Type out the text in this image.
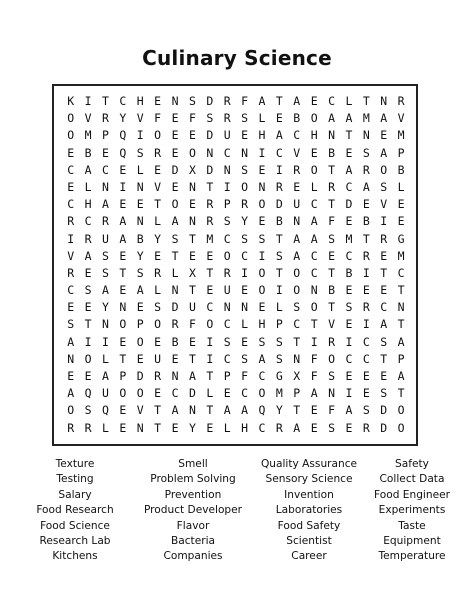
Culinary Science
K I T C H E N S D R F A T A E C L T N R
O V R Y V F E F S R S L E B O A A M A V
O M P Q I O E E D U E H A C H N T N E M
E B E Q S R E O N C N I C V E B E S A P
C A C E L E D X D N S E I R O T A R O B
E L N I N V E N T I O N R E L R C A S L
C H A E E T O E R P R O D U C T D E V E
R C R A N L A N R S Y E B N A F E B I E
I R U A B Y S T M C S S T A A S M T R G
V A S E Y E T E E O C I S A C E C R E M
R E S T S R L X T R I O T O C T B I T C
C S A E A L N T E U E O I O N B E E E T
E E Y N E S D U C N N E L S O T S R C N
S T N O P O R F O C L H P C T V E I A T
A I I E O E B E I S E S S T I R I C S A
N O L T E U E T I C S A S N F O C C T P
E E A P D R N A T P F C G X F S E E E A
A Q U O O E C D L E C O M P A N I E S T
O S Q E V T A N T A A Q Y T E F A S D O
R R L E N T E Y E L H C R A E S E R D O
Texture	Smell	Quality Assurance	Safety
Testing	Problem Solving	Sensory Science	Collect Data
Salary	Prevention	Invention	Food Engineer
Food Research	Product Developer	Laboratories	Experiments
Food Science	Flavor	Food Safety	Taste
Research Lab	Bacteria	Scientist	Equipment
Kitchens	Companies	Career	Temperature
